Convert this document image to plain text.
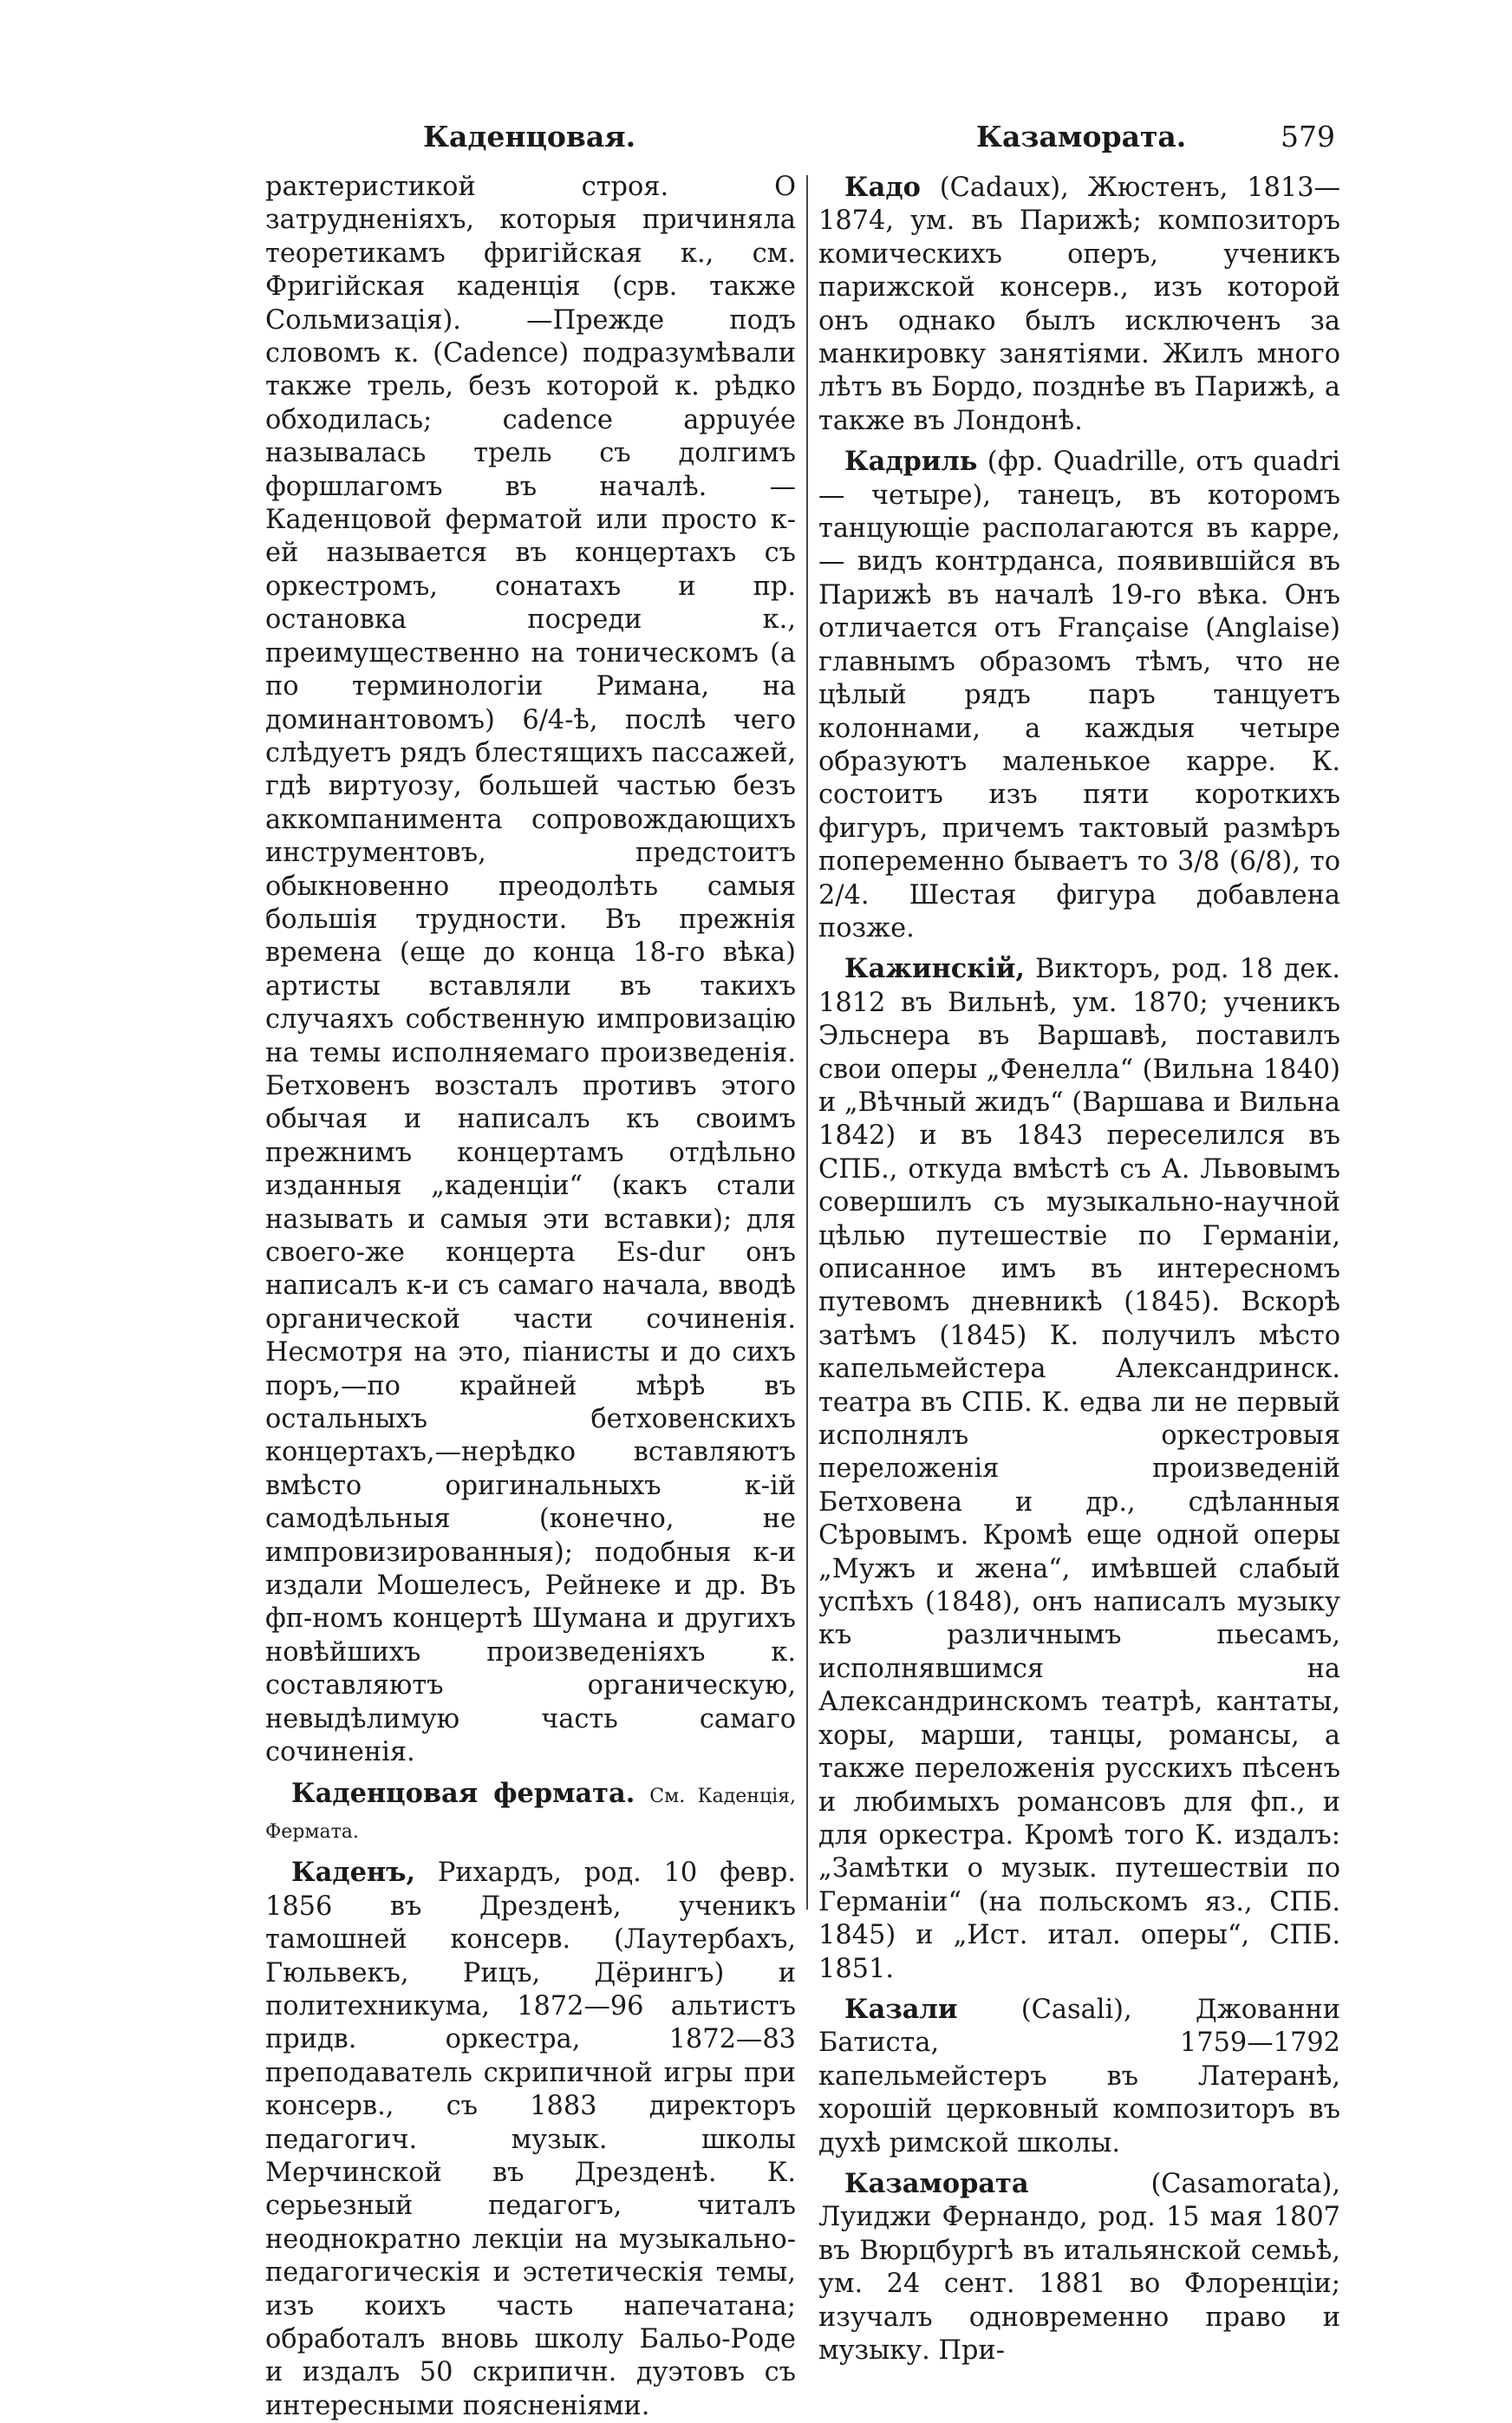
Каденцовая.	Казамората.	579

рактеристикой строя. О затрудненіяхъ, которыя причиняла теоретикамъ фригійская к., см. Фригійская каденція (срв. также Сольмизація). —Прежде подъ словомъ к. (Cadence) подразумѣвали также трель, безъ которой к. рѣдко обходилась; cadence appuyée называлась трель съ долгимъ форшлагомъ въ началѣ. — Каденцовой ферматой или просто к-ей называется въ концертахъ съ оркестромъ, сонатахъ и пр. остановка посреди к., преимущественно на тоническомъ (а по терминологіи Римана, на доминантовомъ) 6/4-ѣ, послѣ чего слѣдуетъ рядъ блестящихъ пассажей, гдѣ виртуозу, большей частью безъ аккомпанимента сопровождающихъ инструментовъ, предстоитъ обыкновенно преодолѣть самыя большія трудности. Въ прежнія времена (еще до конца 18-го вѣка) артисты вставляли въ такихъ случаяхъ собственную импровизацію на темы исполняемаго произведенія. Бетховенъ возсталъ противъ этого обычая и написалъ къ своимъ прежнимъ концертамъ отдѣльно изданныя „каденціи“ (какъ стали называть и самыя эти вставки); для своего-же концерта Es-dur онъ написалъ к-и съ самаго начала, вводѣ органической части сочиненія. Несмотря на это, піанисты и до сихъ поръ,—по крайней мѣрѣ въ остальныхъ бетховенскихъ концертахъ,—нерѣдко вставляютъ вмѣсто оригинальныхъ к-ій самодѣльныя (конечно, не импровизированныя); подобныя к-и издали Мошелесъ, Рейнеке и др. Въ фп-номъ концертѣ Шумана и другихъ новѣйшихъ произведеніяхъ к. составляютъ органическую, невыдѣлимую часть самаго сочиненія.

Каденцовая фермата. См. Каденція, Фермата.

Каденъ, Рихардъ, род. 10 февр. 1856 въ Дрезденѣ, ученикъ тамошней консерв. (Лаутербахъ, Гюльвекъ, Рицъ, Дёрингъ) и политехникума, 1872—96 альтистъ придв. оркестра, 1872—83 преподаватель скрипичной игры при консерв., съ 1883 директоръ педагогич. музык. школы Мерчинской въ Дрезденѣ. К. серьезный педагогъ, читалъ неоднократно лекціи на музыкально-педагогическія и эстетическія темы, изъ коихъ часть напечатана; обработалъ вновь школу Бальо-Роде и издалъ 50 скрипичн. дуэтовъ съ интересными поясненіями.

Кадо (Cadaux), Жюстенъ, 1813—1874, ум. въ Парижѣ; композиторъ комическихъ оперъ, ученикъ парижской консерв., изъ которой онъ однако былъ исключенъ за манкировку занятіями. Жилъ много лѣтъ въ Бордо, позднѣе въ Парижѣ, а также въ Лондонѣ.

Кадриль (фр. Quadrille, отъ quadri— четыре), танецъ, въ которомъ танцующіе располагаются въ карре,— видъ контрданса, появившійся въ Парижѣ въ началѣ 19-го вѣка. Онъ отличается отъ Française (Anglaise) главнымъ образомъ тѣмъ, что не цѣлый рядъ паръ танцуетъ колоннами, а каждыя четыре образуютъ маленькое карре. К. состоитъ изъ пяти короткихъ фигуръ, причемъ тактовый размѣръ попеременно бываетъ то 3/8 (6/8), то 2/4. Шестая фигура добавлена позже.

Кажинскій, Викторъ, род. 18 дек. 1812 въ Вильнѣ, ум. 1870; ученикъ Эльснера въ Варшавѣ, поставилъ свои оперы „Фенелла“ (Вильна 1840) и „Вѣчный жидъ“ (Варшава и Вильна 1842) и въ 1843 переселился въ СПБ., откуда вмѣстѣ съ А. Львовымъ совершилъ съ музыкально-научной цѣлью путешествіе по Германіи, описанное имъ въ интересномъ путевомъ дневникѣ (1845). Вскорѣ затѣмъ (1845) К. получилъ мѣсто капельмейстера Александринск. театра въ СПБ. К. едва ли не первый исполнялъ оркестровыя переложенія произведеній Бетховена и др., сдѣланныя Сѣровымъ. Кромѣ еще одной оперы „Мужъ и жена“, имѣвшей слабый успѣхъ (1848), онъ написалъ музыку къ различнымъ пьесамъ, исполнявшимся на Александринскомъ театрѣ, кантаты, хоры, марши, танцы, романсы, а также переложенія русскихъ пѣсенъ и любимыхъ романсовъ для фп., и для оркестра. Кромѣ того К. издалъ: „Замѣтки о музык. путешествіи по Германіи“ (на польскомъ яз., СПБ. 1845) и „Ист. итал. оперы“, СПБ. 1851.

Казали (Casali), Джованни Батиста, 1759—1792 капельмейстеръ въ Латеранѣ, хорошій церковный композиторъ въ духѣ римской школы.

Казамората	(Casamorata), Луиджи Фернандо, род. 15 мая 1807 въ Вюрцбургѣ въ итальянской семьѣ, ум. 24 сент. 1881 во Флоренціи; изучалъ одновременно право и музыку. При-
